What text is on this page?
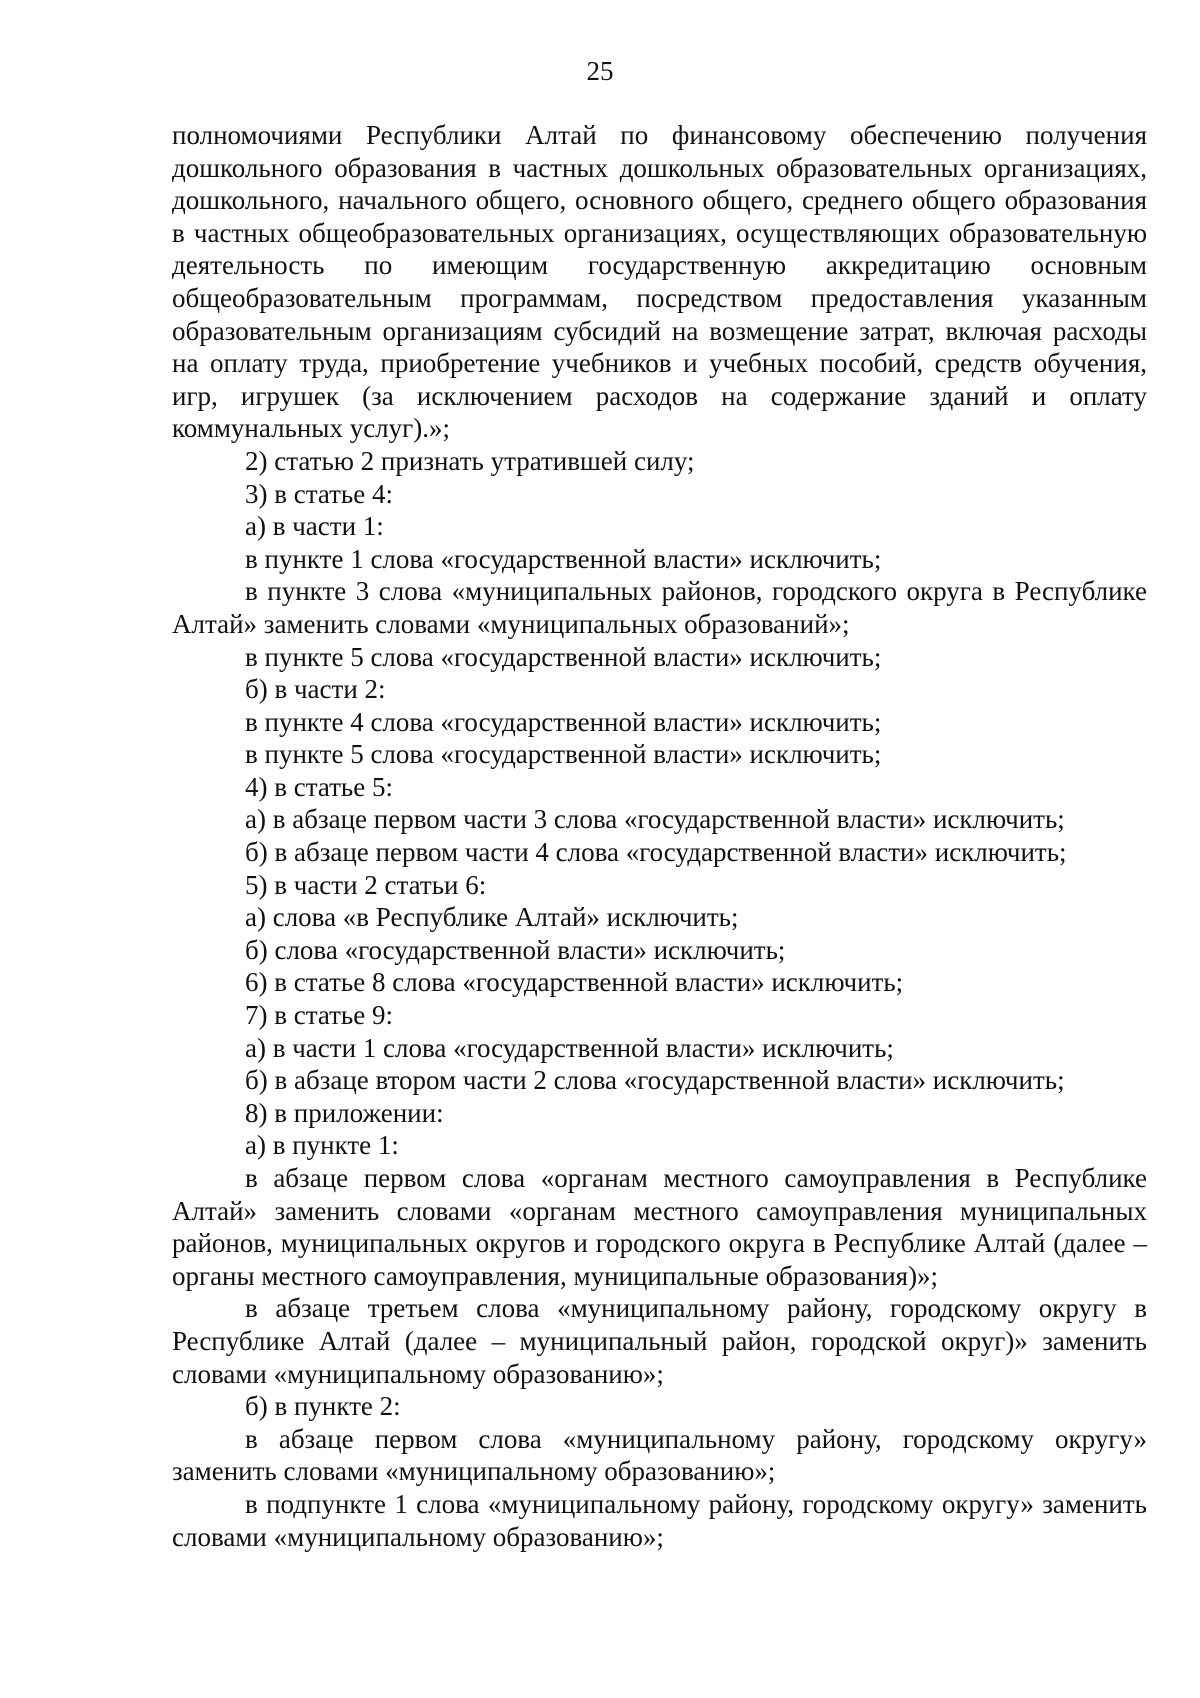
25

полномочиями Республики Алтай по финансовому обеспечению получения дошкольного образования в частных дошкольных образовательных организациях, дошкольного, начального общего, основного общего, среднего общего образования в частных общеобразовательных организациях, осуществляющих образовательную деятельность по имеющим государственную аккредитацию основным общеобразовательным программам, посредством предоставления указанным образовательным организациям субсидий на возмещение затрат, включая расходы на оплату труда, приобретение учебников и учебных пособий, средств обучения, игр, игрушек (за исключением расходов на содержание зданий и оплату коммунальных услуг).»;

2) статью 2 признать утратившей силу;

3) в статье 4:

а) в части 1:

в пункте 1 слова «государственной власти» исключить;

в пункте 3 слова «муниципальных районов, городского округа в Республике Алтай» заменить словами «муниципальных образований»;

в пункте 5 слова «государственной власти» исключить;

б) в части 2:

в пункте 4 слова «государственной власти» исключить;

в пункте 5 слова «государственной власти» исключить;

4) в статье 5:

а) в абзаце первом части 3 слова «государственной власти» исключить;

б) в абзаце первом части 4 слова «государственной власти» исключить;

5) в части 2 статьи 6:

а) слова «в Республике Алтай» исключить;

б) слова «государственной власти» исключить;

6) в статье 8 слова «государственной власти» исключить;

7) в статье 9:

а) в части 1 слова «государственной власти» исключить;

б) в абзаце втором части 2 слова «государственной власти» исключить;

8) в приложении:

а) в пункте 1:

в абзаце первом слова «органам местного самоуправления в Республике Алтай» заменить словами «органам местного самоуправления муниципальных районов, муниципальных округов и городского округа в Республике Алтай (далее – органы местного самоуправления, муниципальные образования)»;

в абзаце третьем слова «муниципальному району, городскому округу в Республике Алтай (далее – муниципальный район, городской округ)» заменить словами «муниципальному образованию»;

б) в пункте 2:

в абзаце первом слова «муниципальному району, городскому округу» заменить словами «муниципальному образованию»;

в подпункте 1 слова «муниципальному району, городскому округу» заменить словами «муниципальному образованию»;
